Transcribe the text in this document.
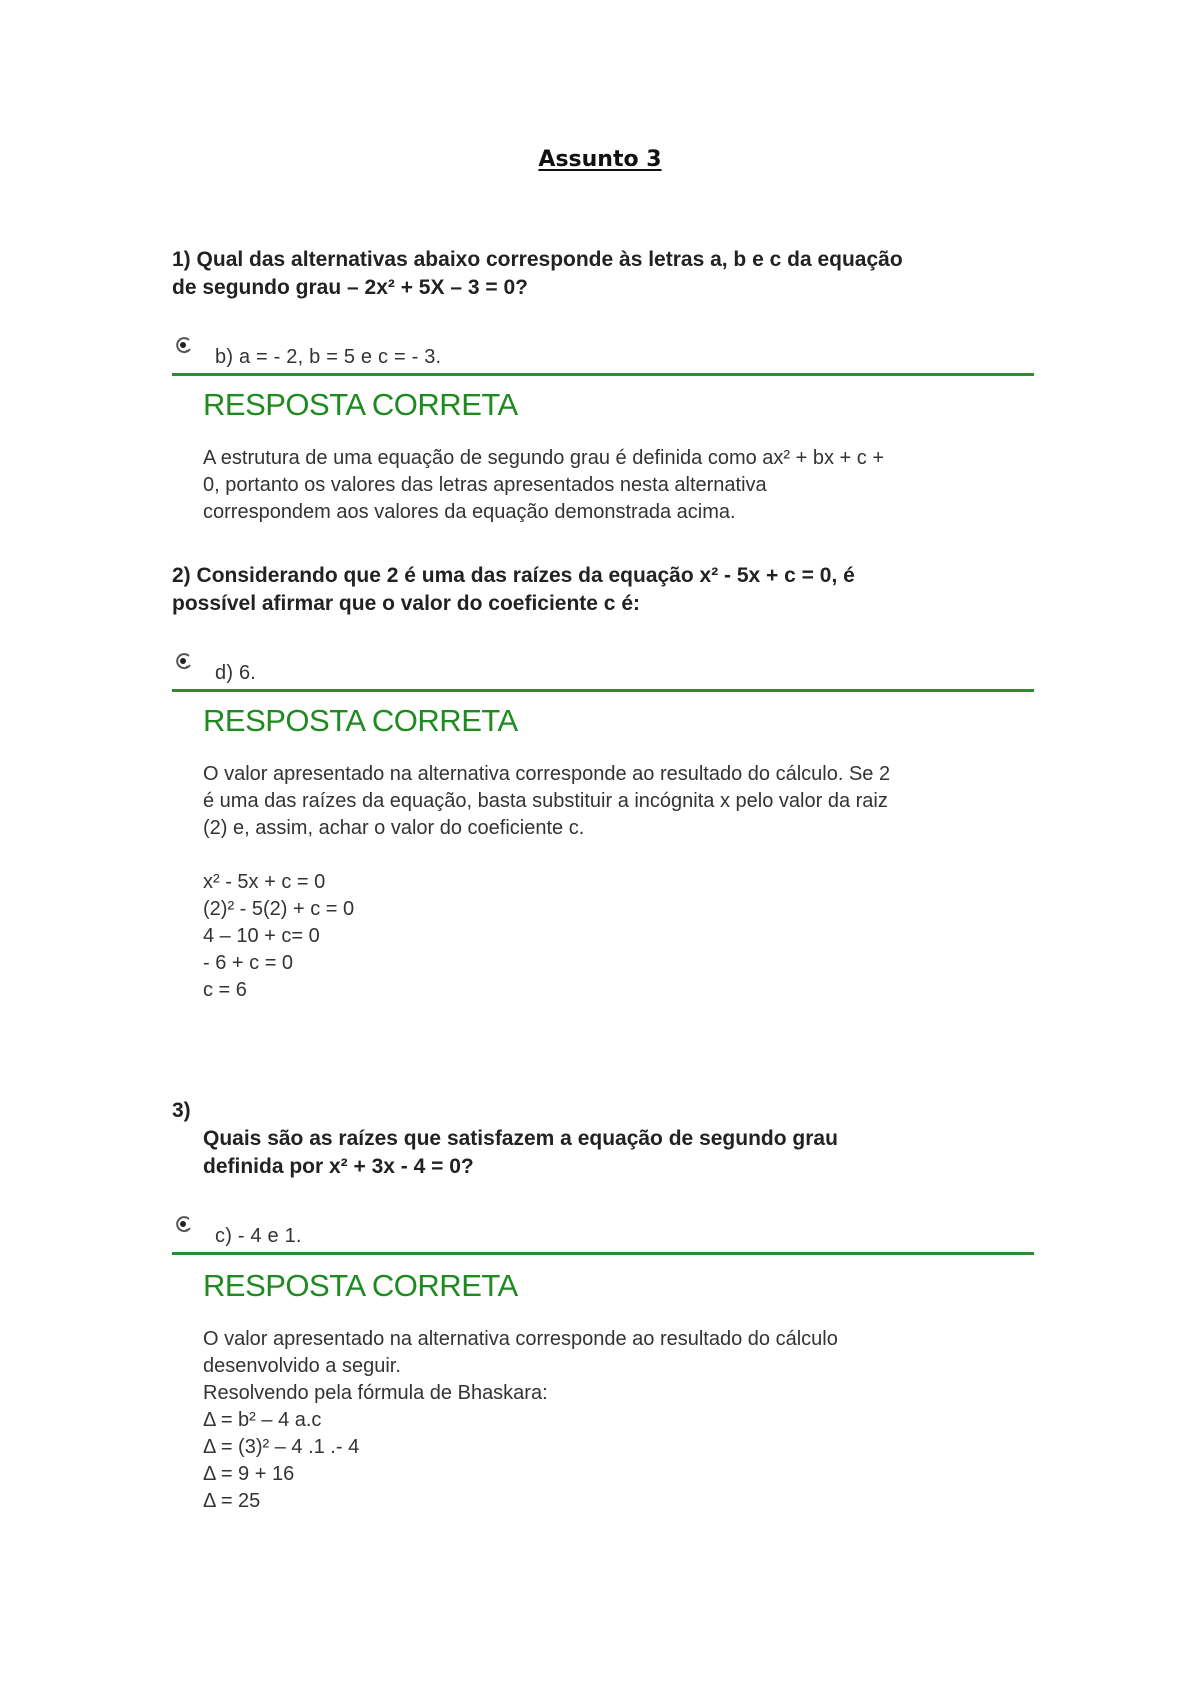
Assunto 3
1) Qual das alternativas abaixo corresponde às letras a, b e c da equação
de segundo grau – 2x² + 5X – 3 = 0?
b) a = - 2, b = 5 e c = - 3.

RESPOSTA CORRETA

A estrutura de uma equação de segundo grau é definida como ax² + bx + c +
0, portanto os valores das letras apresentados nesta alternativa
correspondem aos valores da equação demonstrada acima.
2) Considerando que 2 é uma das raízes da equação x² - 5x + c = 0, é
possível afirmar que o valor do coeficiente c é:
d) 6.

RESPOSTA CORRETA

O valor apresentado na alternativa corresponde ao resultado do cálculo. Se 2
é uma das raízes da equação, basta substituir a incógnita x pelo valor da raiz
(2) e, assim, achar o valor do coeficiente c.
x² - 5x + c = 0
(2)² - 5(2) + c = 0
4 – 10 + c= 0
- 6 + c = 0
c = 6
3)
Quais são as raízes que satisfazem a equação de segundo grau
definida por x² + 3x - 4 = 0?
c) - 4 e 1.

RESPOSTA CORRETA

O valor apresentado na alternativa corresponde ao resultado do cálculo
desenvolvido a seguir.
Resolvendo pela fórmula de Bhaskara:
Δ = b² – 4 a.c
Δ = (3)² – 4 .1 .- 4
Δ = 9 + 16
Δ = 25
